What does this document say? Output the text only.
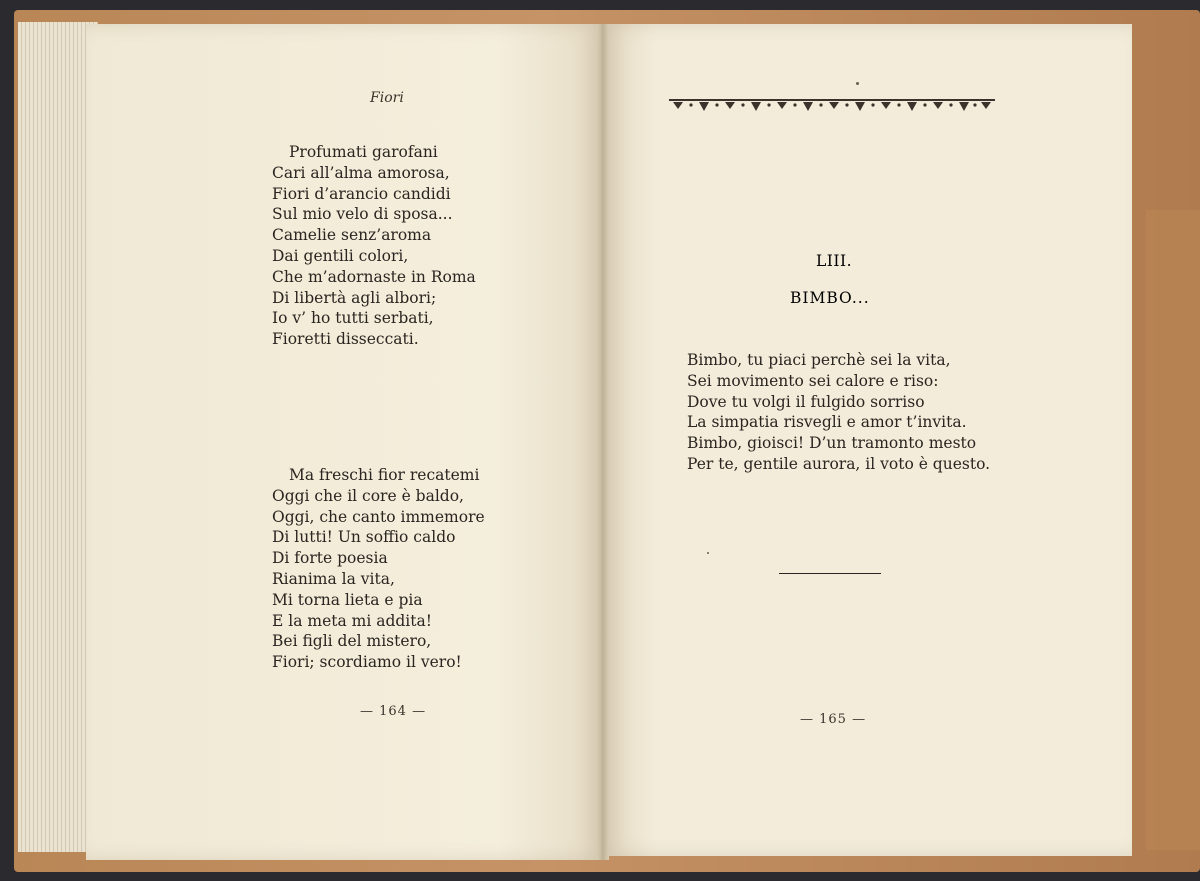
Fiori
Profumati garofani
Cari all’alma amorosa,
Fiori d’arancio candidi
Sul mio velo di sposa...
Camelie senz’aroma
Dai gentili colori,
Che m’adornaste in Roma
Di libertà agli albori;
Io v’ ho tutti serbati,
Fioretti disseccati.
Ma freschi fior recatemi
Oggi che il core è baldo,
Oggi, che canto immemore
Di lutti! Un soffio caldo
Di forte poesia
Rianima la vita,
Mi torna lieta e pia
E la meta mi addita!
Bei figli del mistero,
Fiori; scordiamo il vero!
— 164 —
LIII.
BIMBO...
Bimbo, tu piaci perchè sei la vita,
Sei movimento sei calore e riso:
Dove tu volgi il fulgido sorriso
La simpatia risvegli e amor t’invita.
Bimbo, gioisci! D’un tramonto mesto
Per te, gentile aurora, il voto è questo.
— 165 —
